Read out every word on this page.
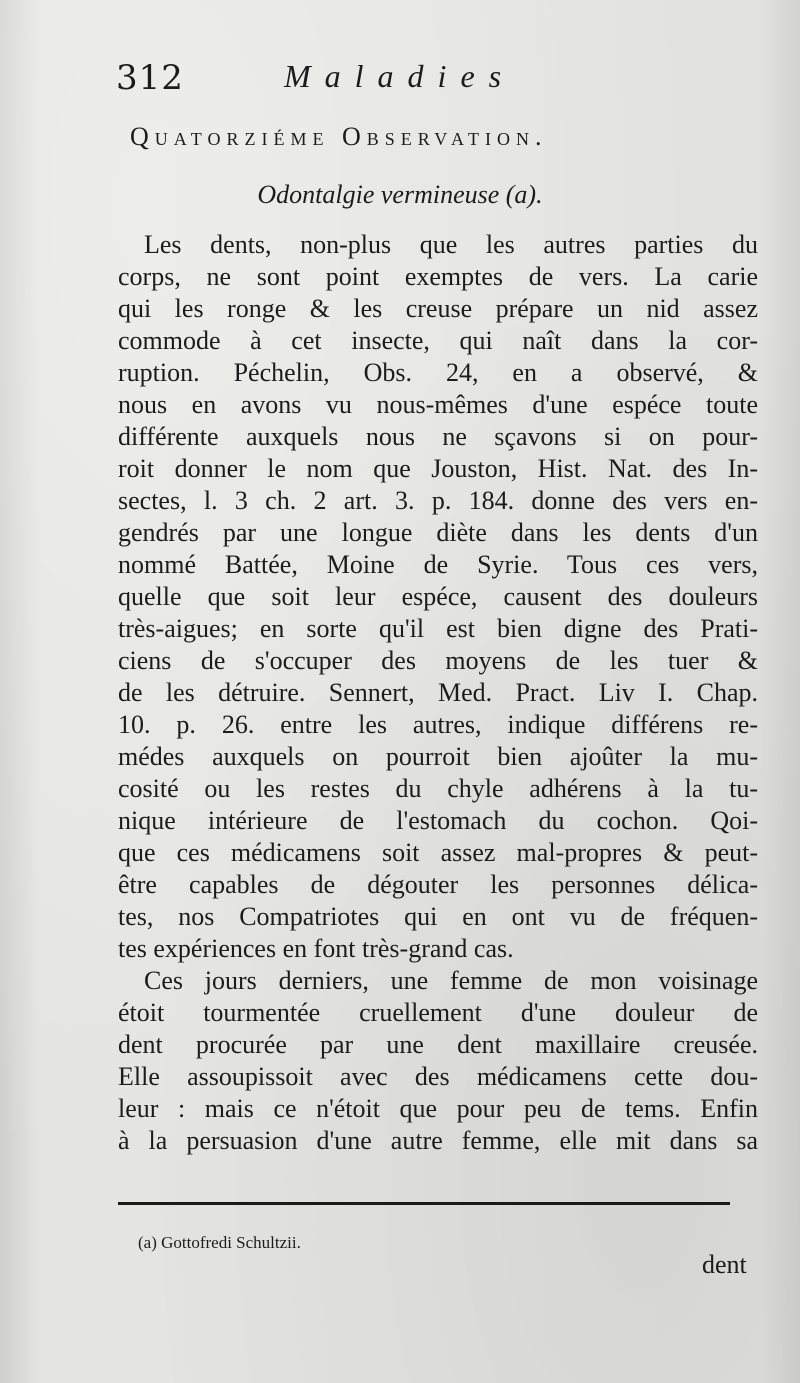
312	Maladies
Quatorziéme Observation.
Odontalgie vermineuse (a).
Les dents, non-plus que les autres parties du
corps, ne sont point exemptes de vers. La carie
qui les ronge & les creuse prépare un nid assez
commode à cet insecte, qui naît dans la cor-
ruption. Péchelin, Obs. 24, en a observé, &
nous en avons vu nous-mêmes d'une espéce toute
différente auxquels nous ne sçavons si on pour-
roit donner le nom que Jouston, Hist. Nat. des In-
sectes, l. 3 ch. 2 art. 3. p. 184. donne des vers en-
gendrés par une longue diète dans les dents d'un
nommé Battée, Moine de Syrie. Tous ces vers,
quelle que soit leur espéce, causent des douleurs
très-aigues; en sorte qu'il est bien digne des Prati-
ciens de s'occuper des moyens de les tuer &
de les détruire. Sennert, Med. Pract. Liv I. Chap.
10. p. 26. entre les autres, indique différens re-
médes auxquels on pourroit bien ajoûter la mu-
cosité ou les restes du chyle adhérens à la tu-
nique intérieure de l'estomach du cochon. Qoi-
que ces médicamens soit assez mal-propres & peut-
être capables de dégouter les personnes délica-
tes, nos Compatriotes qui en ont vu de fréquen-
tes expériences en font très-grand cas.
Ces jours derniers, une femme de mon voisinage
étoit tourmentée cruellement d'une douleur de
dent procurée par une dent maxillaire creusée.
Elle assoupissoit avec des médicamens cette dou-
leur : mais ce n'étoit que pour peu de tems. Enfin
à la persuasion d'une autre femme, elle mit dans sa
(a) Gottofredi Schultzii.
dent
